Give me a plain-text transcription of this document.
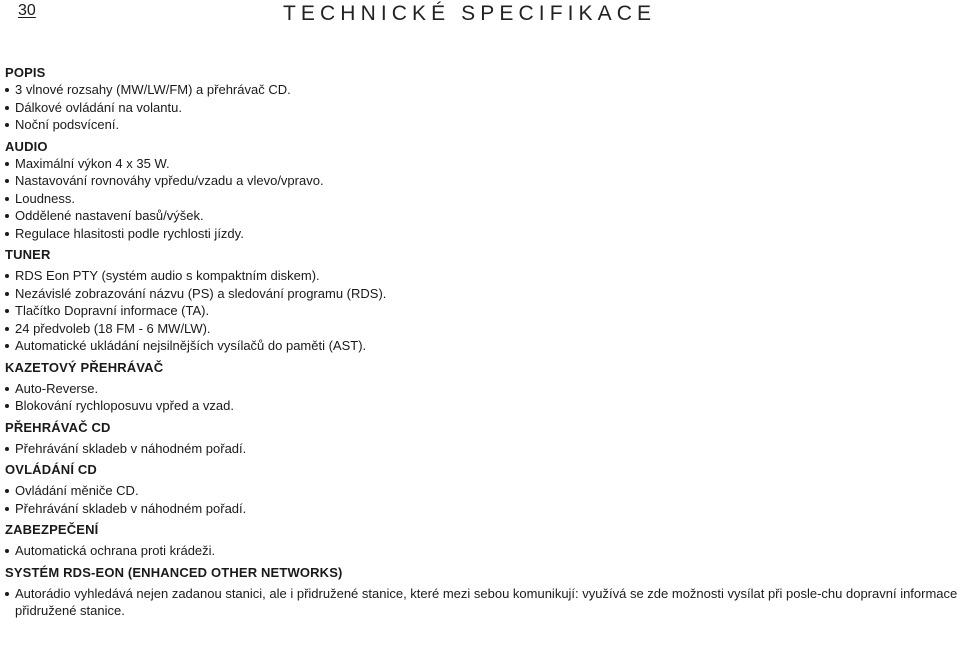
30	TECHNICKÉ SPECIFIKACE
POPIS
3 vlnové rozsahy (MW/LW/FM) a přehrávač CD.
Dálkové ovládání na volantu.
Noční podsvícení.
AUDIO
Maximální výkon 4 x 35 W.
Nastavování rovnováhy vpředu/vzadu a vlevo/vpravo.
Loudness.
Oddělené nastavení basů/výšek.
Regulace hlasitosti podle rychlosti jízdy.
TUNER
RDS Eon PTY (systém audio s kompaktním diskem).
Nezávislé zobrazování názvu (PS) a sledování programu (RDS).
Tlačítko Dopravní informace (TA).
24 předvoleb (18 FM - 6 MW/LW).
Automatické ukládání nejsilnějších vysílačů do paměti (AST).
KAZETOVÝ PŘEHRÁVAČ
Auto-Reverse.
Blokování rychloposuvu vpřed a vzad.
PŘEHRÁVAČ CD
Přehrávání skladeb v náhodném pořadí.
OVLÁDÁNÍ CD
Ovládání měniče CD.
Přehrávání skladeb v náhodném pořadí.
ZABEZPEČENÍ
Automatická ochrana proti krádeži.
SYSTÉM RDS-EON (ENHANCED OTHER NETWORKS)
Autorádio vyhledává nejen zadanou stanici, ale i přidružené stanice, které mezi sebou komunikují: využívá se zde možnosti vysílat při posle-chu dopravní informace přidružené stanice.
